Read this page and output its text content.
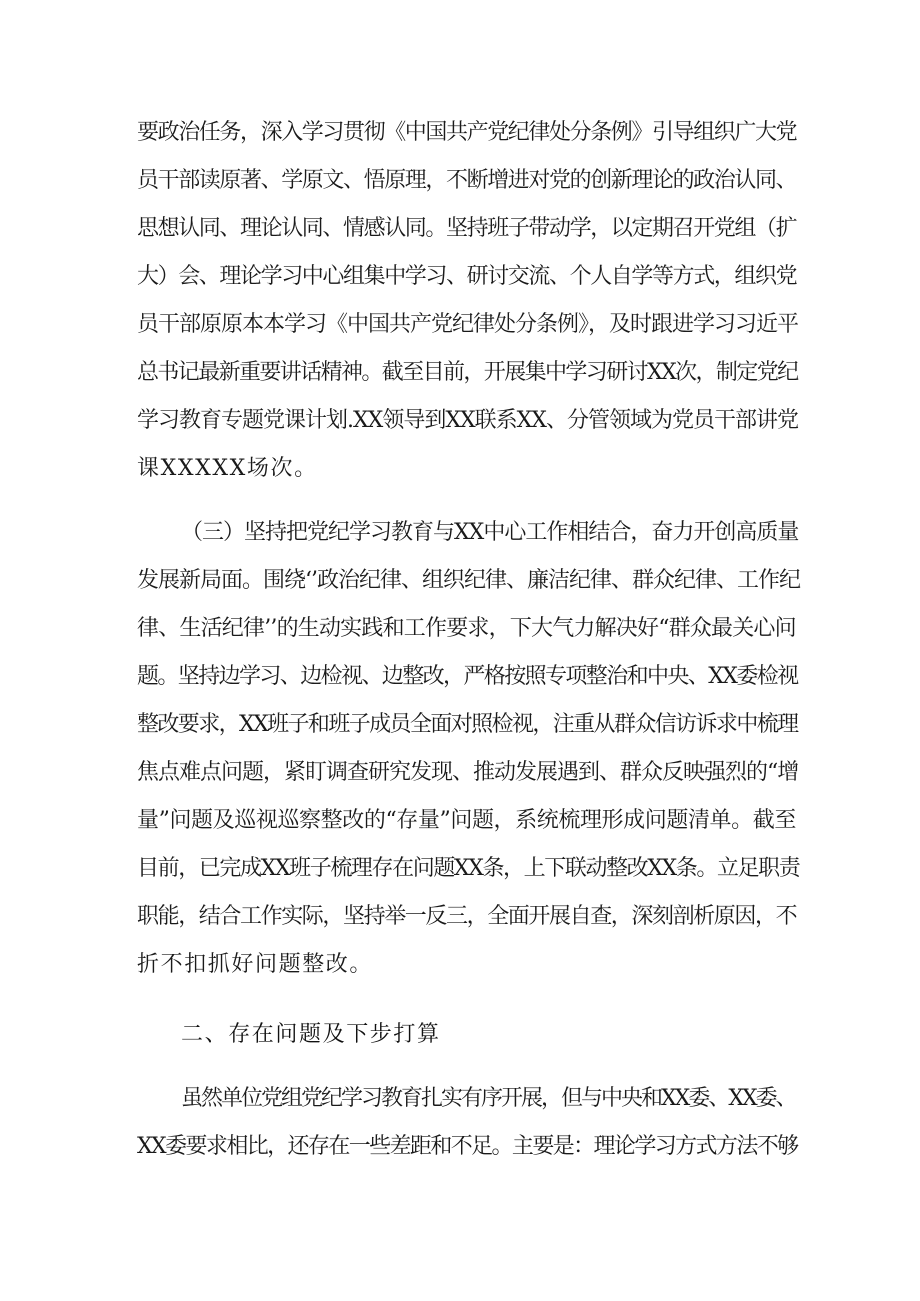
要政治任务，深入学习贯彻《中国共产党纪律处分条例》引导组织广大党
员干部读原著、学原文、悟原理，不断增进对党的创新理论的政治认同、
思想认同、理论认同、情感认同。坚持班子带动学，以定期召开党组（扩
大）会、理论学习中心组集中学习、研讨交流、个人自学等方式，组织党
员干部原原本本学习《中国共产党纪律处分条例》，及时跟进学习习近平
总书记最新重要讲话精神。截至目前，开展集中学习研讨XX次，制定党纪
学习教育专题党课计划.XX领导到XX联系XX、分管领域为党员干部讲党
课XXXXX场次。
（三）坚持把党纪学习教育与XX中心工作相结合，奋力开创高质量
发展新局面。围绕‘’政治纪律、组织纪律、廉洁纪律、群众纪律、工作纪
律、生活纪律’’的生动实践和工作要求，下大气力解决好“群众最关心问
题。坚持边学习、边检视、边整改，严格按照专项整治和中央、XX委检视
整改要求，XX班子和班子成员全面对照检视，注重从群众信访诉求中梳理
焦点难点问题，紧盯调查研究发现、推动发展遇到、群众反映强烈的“增
量”问题及巡视巡察整改的“存量”问题，系统梳理形成问题清单。截至
目前，已完成XX班子梳理存在问题XX条，上下联动整改XX条。立足职责
职能，结合工作实际，坚持举一反三，全面开展自查，深刻剖析原因，不
折不扣抓好问题整改。
二、存在问题及下步打算
虽然单位党组党纪学习教育扎实有序开展，但与中央和XX委、XX委、
XX委要求相比，还存在一些差距和不足。主要是：理论学习方式方法不够
